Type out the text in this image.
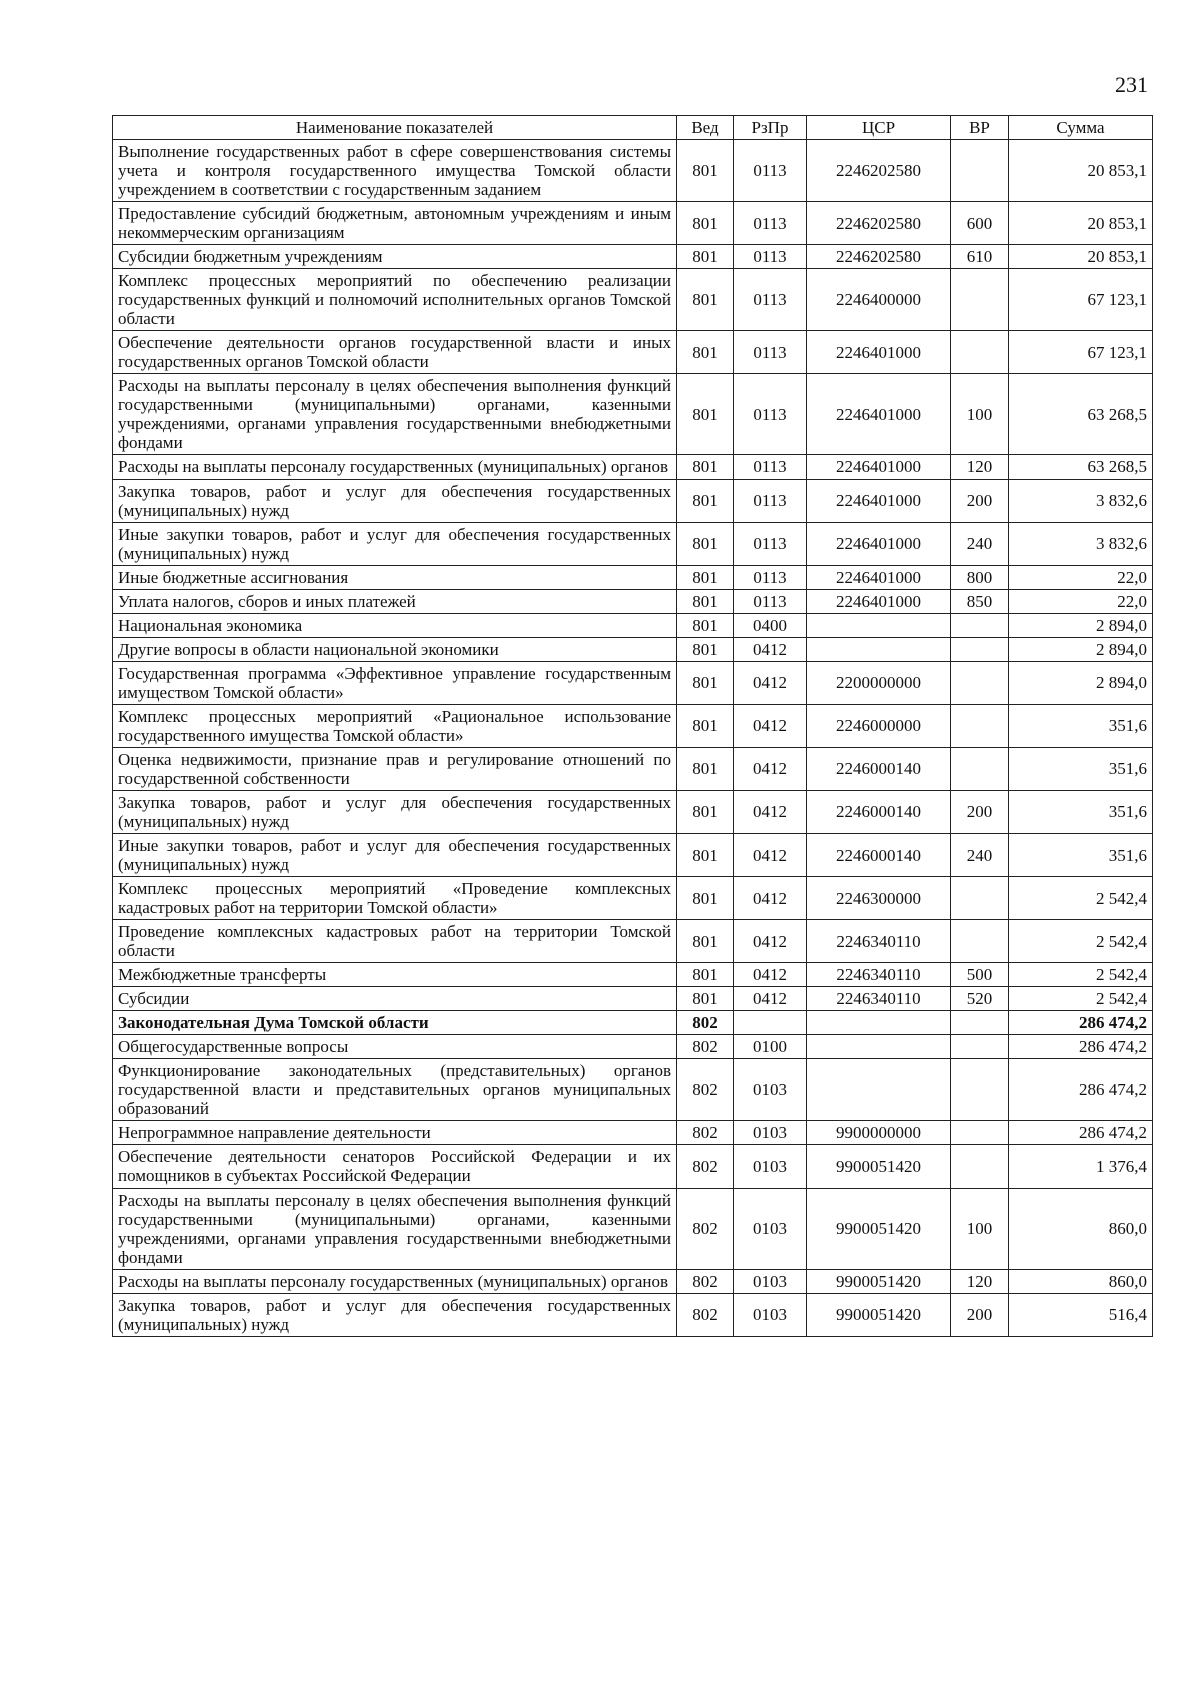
231
Наименование показателей	Вед	РзПр	ЦСР	ВР	Сумма
Выполнение государственных работ в сфере совершенствования системы учета и контроля государственного имущества Томской области учреждением в соответствии с государственным заданием	801	0113	2246202580		20 853,1
Предоставление субсидий бюджетным, автономным учреждениям и иным некоммерческим организациям	801	0113	2246202580	600	20 853,1
Субсидии бюджетным учреждениям	801	0113	2246202580	610	20 853,1
Комплекс процессных мероприятий по обеспечению реализации государственных функций и полномочий исполнительных органов Томской области	801	0113	2246400000		67 123,1
Обеспечение деятельности органов государственной власти и иных государственных органов Томской области	801	0113	2246401000		67 123,1
Расходы на выплаты персоналу в целях обеспечения выполнения функций государственными (муниципальными) органами, казенными учреждениями, органами управления государственными внебюджетными фондами	801	0113	2246401000	100	63 268,5
Расходы на выплаты персоналу государственных (муниципальных) органов	801	0113	2246401000	120	63 268,5
Закупка товаров, работ и услуг для обеспечения государственных (муниципальных) нужд	801	0113	2246401000	200	3 832,6
Иные закупки товаров, работ и услуг для обеспечения государственных (муниципальных) нужд	801	0113	2246401000	240	3 832,6
Иные бюджетные ассигнования	801	0113	2246401000	800	22,0
Уплата налогов, сборов и иных платежей	801	0113	2246401000	850	22,0
Национальная экономика	801	0400			2 894,0
Другие вопросы в области национальной экономики	801	0412			2 894,0
Государственная программа «Эффективное управление государственным имуществом Томской области»	801	0412	2200000000		2 894,0
Комплекс процессных мероприятий «Рациональное использование государственного имущества Томской области»	801	0412	2246000000		351,6
Оценка недвижимости, признание прав и регулирование отношений по государственной собственности	801	0412	2246000140		351,6
Закупка товаров, работ и услуг для обеспечения государственных (муниципальных) нужд	801	0412	2246000140	200	351,6
Иные закупки товаров, работ и услуг для обеспечения государственных (муниципальных) нужд	801	0412	2246000140	240	351,6
Комплекс процессных мероприятий «Проведение комплексных кадастровых работ на территории Томской области»	801	0412	2246300000		2 542,4
Проведение комплексных кадастровых работ на территории Томской области	801	0412	2246340110		2 542,4
Межбюджетные трансферты	801	0412	2246340110	500	2 542,4
Субсидии	801	0412	2246340110	520	2 542,4
Законодательная Дума Томской области	802				286 474,2
Общегосударственные вопросы	802	0100			286 474,2
Функционирование законодательных (представительных) органов государственной власти и представительных органов муниципальных образований	802	0103			286 474,2
Непрограммное направление деятельности	802	0103	9900000000		286 474,2
Обеспечение деятельности сенаторов Российской Федерации и их помощников в субъектах Российской Федерации	802	0103	9900051420		1 376,4
Расходы на выплаты персоналу в целях обеспечения выполнения функций государственными (муниципальными) органами, казенными учреждениями, органами управления государственными внебюджетными фондами	802	0103	9900051420	100	860,0
Расходы на выплаты персоналу государственных (муниципальных) органов	802	0103	9900051420	120	860,0
Закупка товаров, работ и услуг для обеспечения государственных (муниципальных) нужд	802	0103	9900051420	200	516,4
